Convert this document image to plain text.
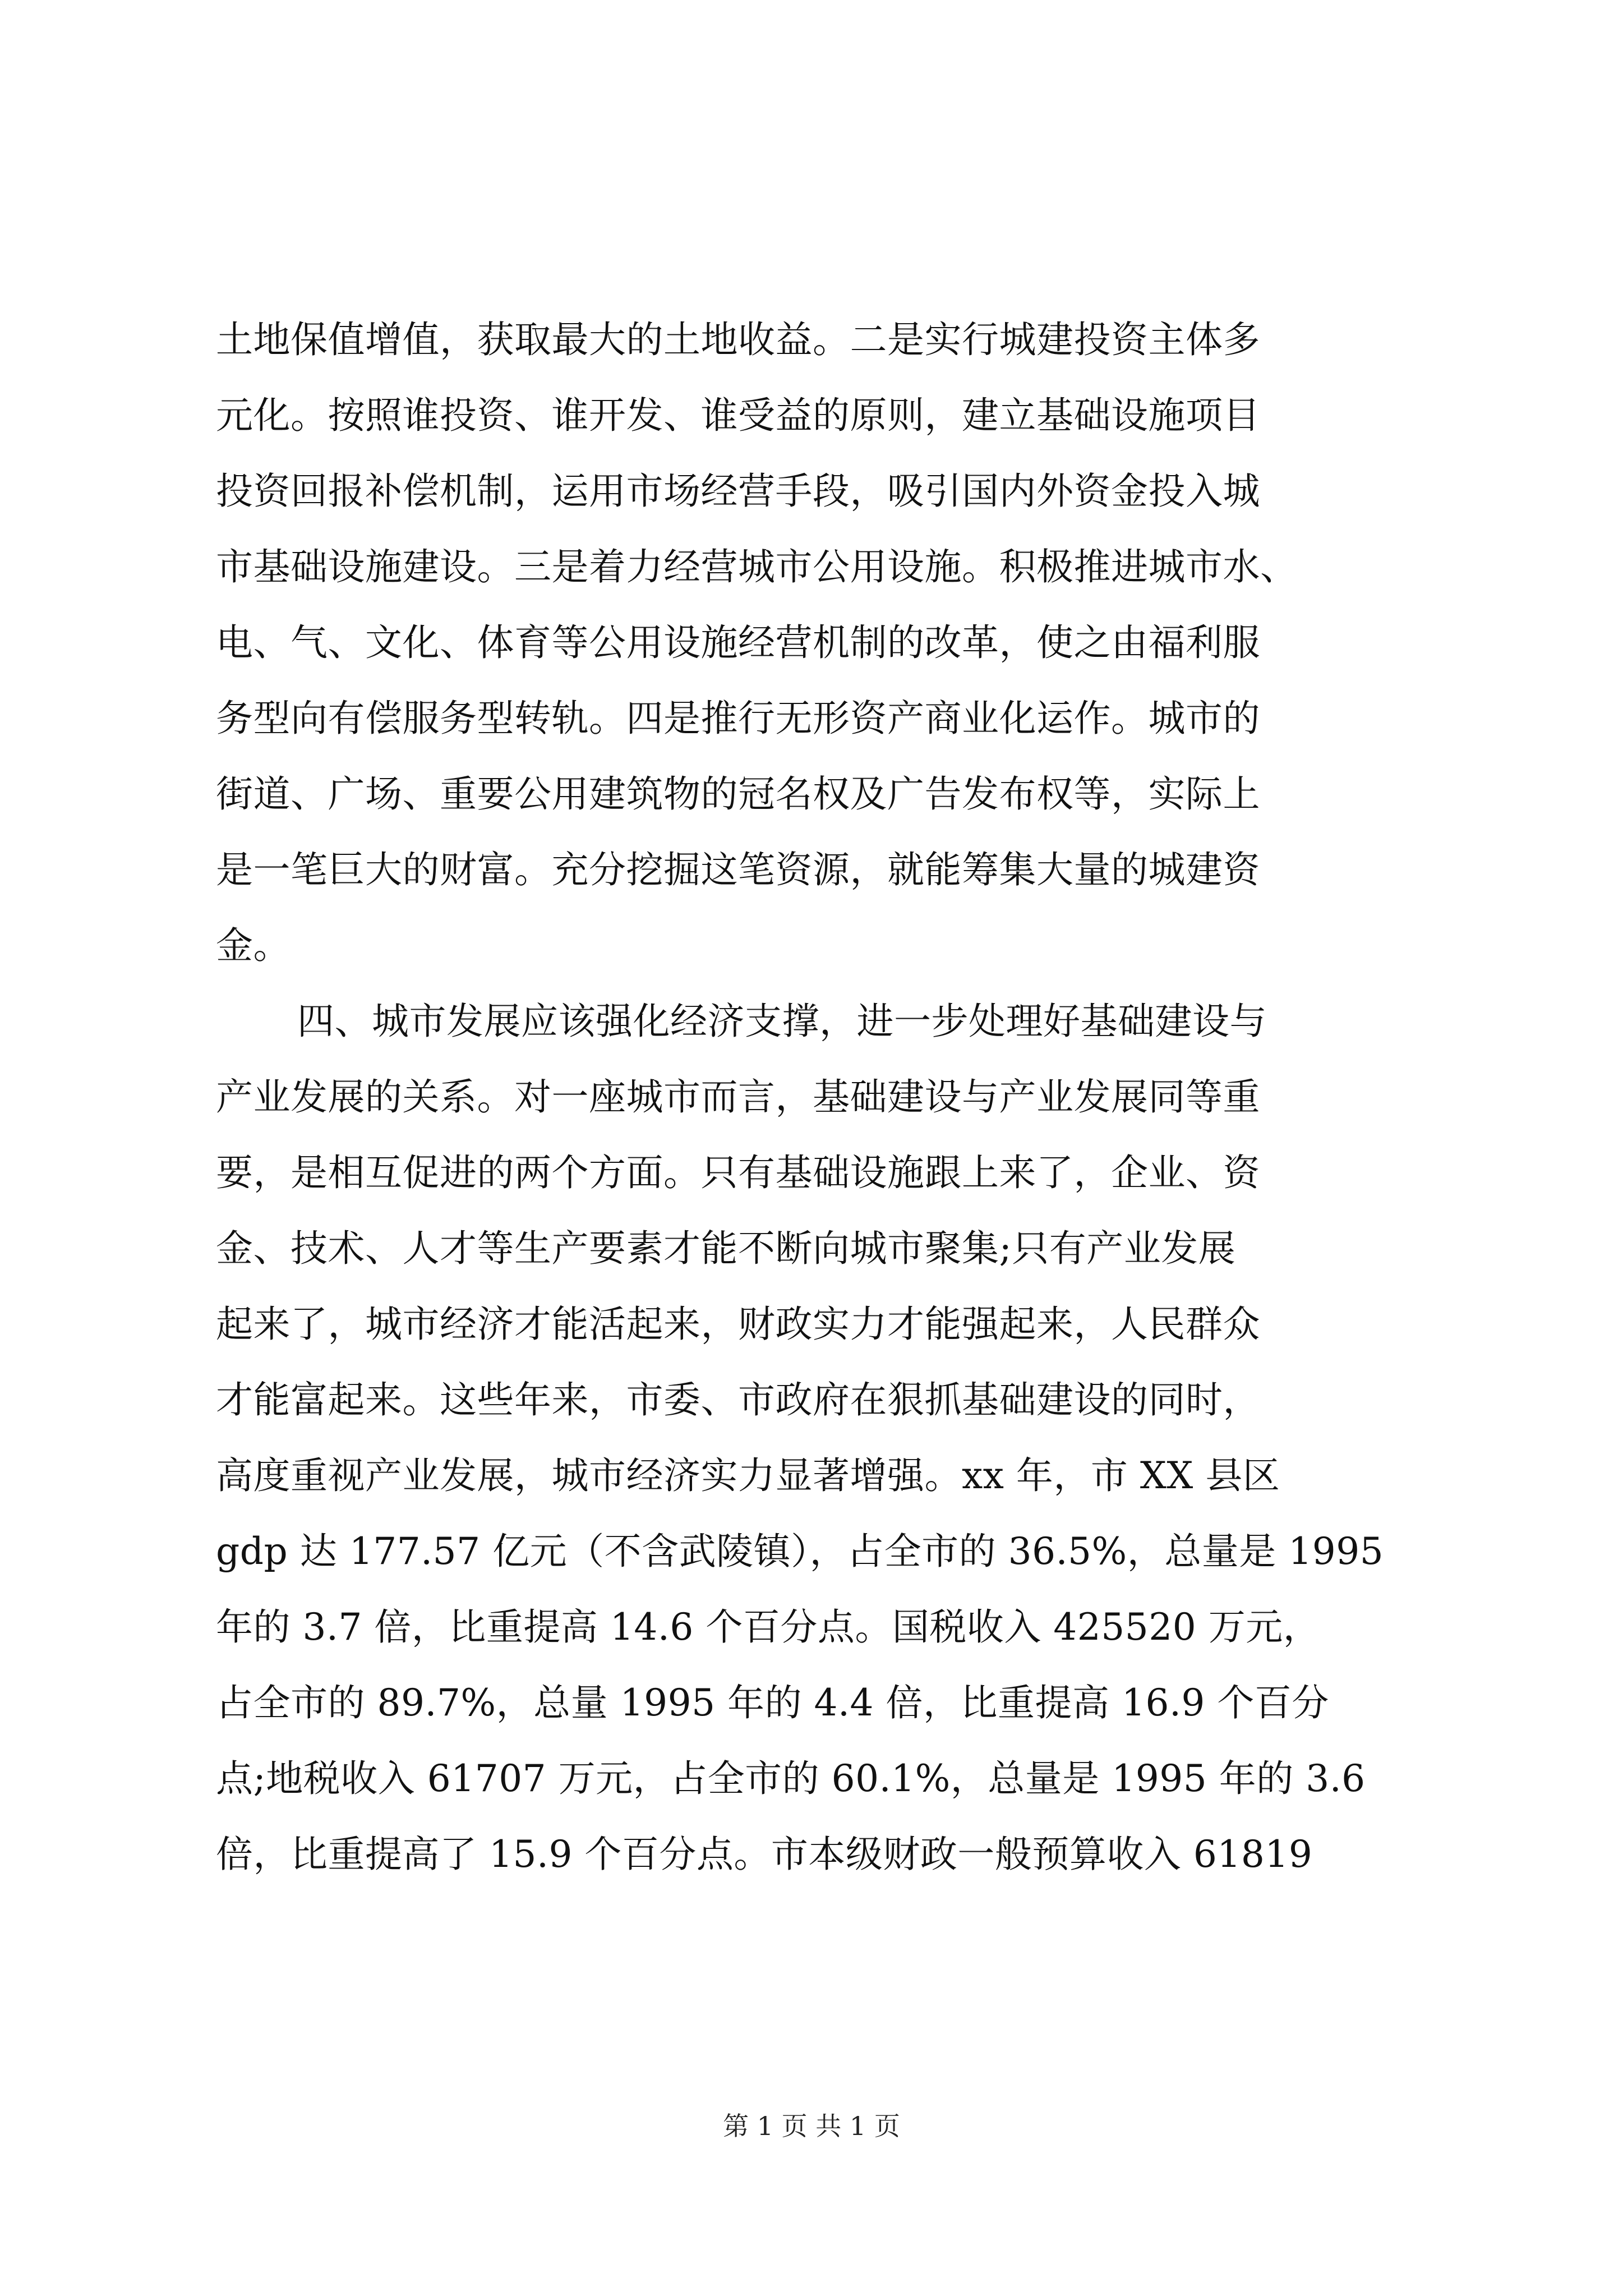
土地保值增值，获取最大的土地收益。二是实行城建投资主体多
元化。按照谁投资、谁开发、谁受益的原则，建立基础设施项目
投资回报补偿机制，运用市场经营手段，吸引国内外资金投入城
市基础设施建设。三是着力经营城市公用设施。积极推进城市水、
电、气、文化、体育等公用设施经营机制的改革，使之由福利服
务型向有偿服务型转轨。四是推行无形资产商业化运作。城市的
街道、广场、重要公用建筑物的冠名权及广告发布权等，实际上
是一笔巨大的财富。充分挖掘这笔资源，就能筹集大量的城建资
金。
四、城市发展应该强化经济支撑，进一步处理好基础建设与
产业发展的关系。对一座城市而言，基础建设与产业发展同等重
要，是相互促进的两个方面。只有基础设施跟上来了，企业、资
金、技术、人才等生产要素才能不断向城市聚集;只有产业发展
起来了，城市经济才能活起来，财政实力才能强起来，人民群众
才能富起来。这些年来，市委、市政府在狠抓基础建设的同时，
高度重视产业发展，城市经济实力显著增强。xx 年，市 XX 县区
gdp 达 177.57 亿元（不含武陵镇），占全市的 36.5%，总量是 1995
年的 3.7 倍，比重提高 14.6 个百分点。国税收入 425520 万元，
占全市的 89.7%，总量 1995 年的 4.4 倍，比重提高 16.9 个百分
点;地税收入 61707 万元，占全市的 60.1%，总量是 1995 年的 3.6
倍，比重提高了 15.9 个百分点。市本级财政一般预算收入 61819
第 1 页 共 1 页
